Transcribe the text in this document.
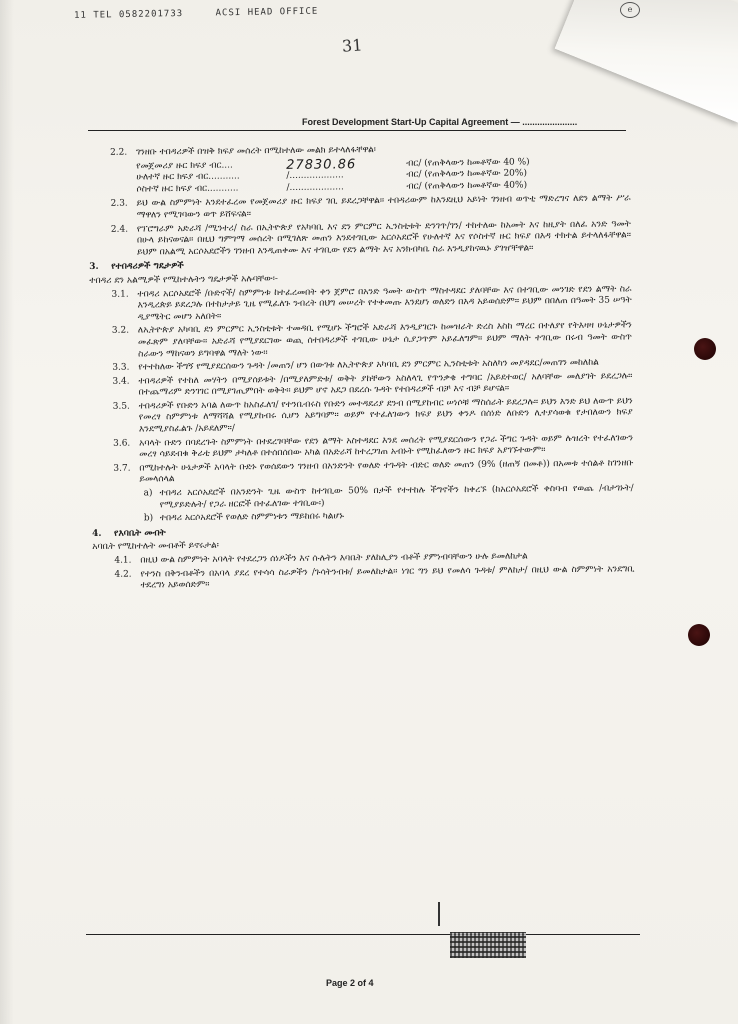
11 TEL 0582201733	ACSI HEAD OFFICE	e
31
Forest Development Start-Up Capital Agreement — ......................
2.2. ገንዘቡ ተበዳሪዎች በዝቅ ክፍያ መሰረት በሚከተለው መልክ ይተላለፋቸዋል፡
የመጀመሪያ ዙር ክፍያ ብር....	27830.86	ብር/ (የጠቅላውን ከመቶኛው 40 %)
ሁለተኛ ዙር ክፍያ ብር...........	/...................	ብር/ (የጠቅላውን ከመቶኛው 20%)
ሶስተኛ ዙር ክፍያ ብር...........	/...................	ብር/ (የጠቅላውን ከመቶኛው 40%)
2.3. ይህ ውል ስምምነት እንደተፈረመ የመጀመሪያ ዙር ክፍያ ገቢ ይደረጋቸዋል፡፡ ተበዳሪውም ከእንደዚህ አይነት ገንዘብ ወጥቲ ማድረግና ለደን ልማት ሥራ ማዋለን የሚገባውን ወጥ ይሸፍናል፡፡
2.4. የፕሮግራም አድራሻ /ሚንተሪ/ ስራ በኢትዮጵያ የአካባቢ እና ደን ምርምር ኢንስቲቱት ድንገጥ/ገን/ ተከተለው ከአመት እና ከዚያት በለፈ አንድ ዓመት በሁላ ይከናወናል፡፡ በዚህ ግምገማ መሰረት በሚገለጽ መጠን እንደተገቢው አርሶአደሮች የሁለተኛ እና የሶስተኛ ዙር ክፍያ በእዳ ተክተል ይተላለፋቸዋል፡፡ ይህም በአልሚ አርሶአደሮችን ገንዘብ እንዲጠቀሙ እና ተገቢው የደን ልማት እና አንክብካቤ ስራ እንዲያከናዉኑ ያገዠቸዋል፡፡
3.	የተበዳሪዎች ግዴታዎች
ተበዳሪ ደን አልሚዎች የሚከተሉትን ግዴታዎች አሉባቸው፡-
3.1. ተበዳሪ አርሶአደሮች /ቡድኖች/ ስምምነቱ ከተፈረመበት ቀን ጀምሮ በአንድ ዓመት ውስጥ ማስተዳደር ያለባቸው እና በተገቢው መንገድ የደን ልማት ስራ እንዲረጵይ ይደረጋሉ በተከታታይ ጊዜ የሚፈለጉ ንብረት በህግ መሠረት የተቀመጡ እንደሆነ ወለድን በእዳ አይወሰድም፡፡ ይህም በበለጠ በዓመት 35 ሠዓት ዲያሜትር መሆን አለበት፡፡
3.2. ለኢትዮጵያ አካባቢ ደን ምርምር ኢንስቲቱት ተመዳቢ የሚሆኑ ችግሮች አድራሻ እንዲያገርጉ ከመዝራት ድረስ እስከ ማረር በተለያየ የትእዛዛ ሁኔታዎችን መፈጽም ያለባቸው፡፡ አድራሻ የሚያደርገው ወጪ ሰተበዳሪዎች ተገቢው ሁኔታ ሲያጋጥም አይፈለግም፡፡ ይህም ማለት ተገቢው በሩብ ዓመት ውስጥ ስራውን ማከናወን ይግባዋል ማለት ነው፡፡
3.3. የተተከለው ችግኝ የሚያደርሰውን ጉዳት /መጠን/ ሆን በውገቱ ለኢትዮጵያ አካባቢ ደን ምርምር ኢንስቲቱት አስለካን መያዳደር/መጠገን መከለከል
3.4. ተበዳሪዎች የተከለ መሃትን በሚያሰይቱት /በሚያለምድቱ/ ወቅት ያከቸውን አስለላጊ የጥንቃቄ ተግባር /አይደተወር/ አለባቸው መለያገት ይደረጋሉ፡፡ በተጨማሪም ድንገገር በሚያገጢምበት ወቅት፡፡ ይህም ሆኖ አደጋ በደረሱ ጉዳት የተበዳሪዎች ብቻ እና ብቻ ይሆናል፡፡
3.5. ተበዳሪዎች የቡድን አባል ለውጥ ከአስፈለገ/ የተንቤብሩስ የቡድን መተዳደሪያ ደንብ በሚያከብር ሠነሶቹ ማስሰራት ይደረጋሉ፡፡ ይህን እንድ ይህ ለውጥ ይህን የመረፃ ስምምነቱ ለማሻሻል የሚያከብሩ ሲሆን አይግባም፡፡ ወይም የተፈለገውን ክፍያ ይህን ቀንዶ በሰነድ ለቡድን ሊተያሳወቁ የታበለውን ክፍያ እንደሚያስፈልጉ /አይደለም፡፡/
3.6. አባላት ቡድን በባደረጉት ስምምነት በተደረገባቸው የደን ልማት አስተዳደር እንደ መሰረት የሚያደርሰውን የጋራ ችግር ጉዳት ወይም ሉዝረት የተፈለገውን መረፃ ሳይደብቁ ቅራቲ ይህም ታካለቶ በተሰበሰበው አካል በአድራሻ ከተረጋገጠ አብኑት የሚከፈለውን ዙር ክፍያ አያገኙተውም፡፡
3.7. በሚከተሉት ሁኔታዎች አባላት ቡድኑ የወሰደውን ገንዘብ በአንድንት የወለድ ተጉዳት ብድር ወለድ መጠን (9% (ዘጠኝ በመቶ)) በአመቱ ተሰልቶ ከገንዘቡ ይመላሰላል
a) ተበዳሪ አርሶአደሮች በአንድንት ጊዜ ውስጥ ከተገቢው 50% በታች የተተከሉ ችግኖችን ከቀረኙ (ከአርሶአደሮች ቀስባብ የወጨ /ብታገኑት/ የሚያይድሉት/ የጋራ ዘርፎች በተፈለገው ተገቢው፡)
b) ተበዳሪ አርሶአደሮች የወለድ ስምምነቱን ማይከበሩ ካልሆኑ
4.	የእባቤት መብት
አባቤት የሚከተሉት መብቶች ይኖሩታል፡
4.1. በዚህ ውል ስምምነት አባላት የተደረጋን ሰነዶችን እና ሱሉትን እባቤት ያለከሊያን ብቶች ያምነብባቸውን ሁሉ ይመለከታል
4.2. የተንስ በቅንብቶችን በአባላ ያደረ የተሳሳ ስራዎችን /ጉሳትንብቱ/ ይመለከታል፡፡ ነገር ግን ይህ የመለሳ ጉዳቱ/ ምለከታ/ በዚህ ውል ስምምነት አንደግቢ ተደረግነ አይወሰድም፡፡
Page 2 of 4
